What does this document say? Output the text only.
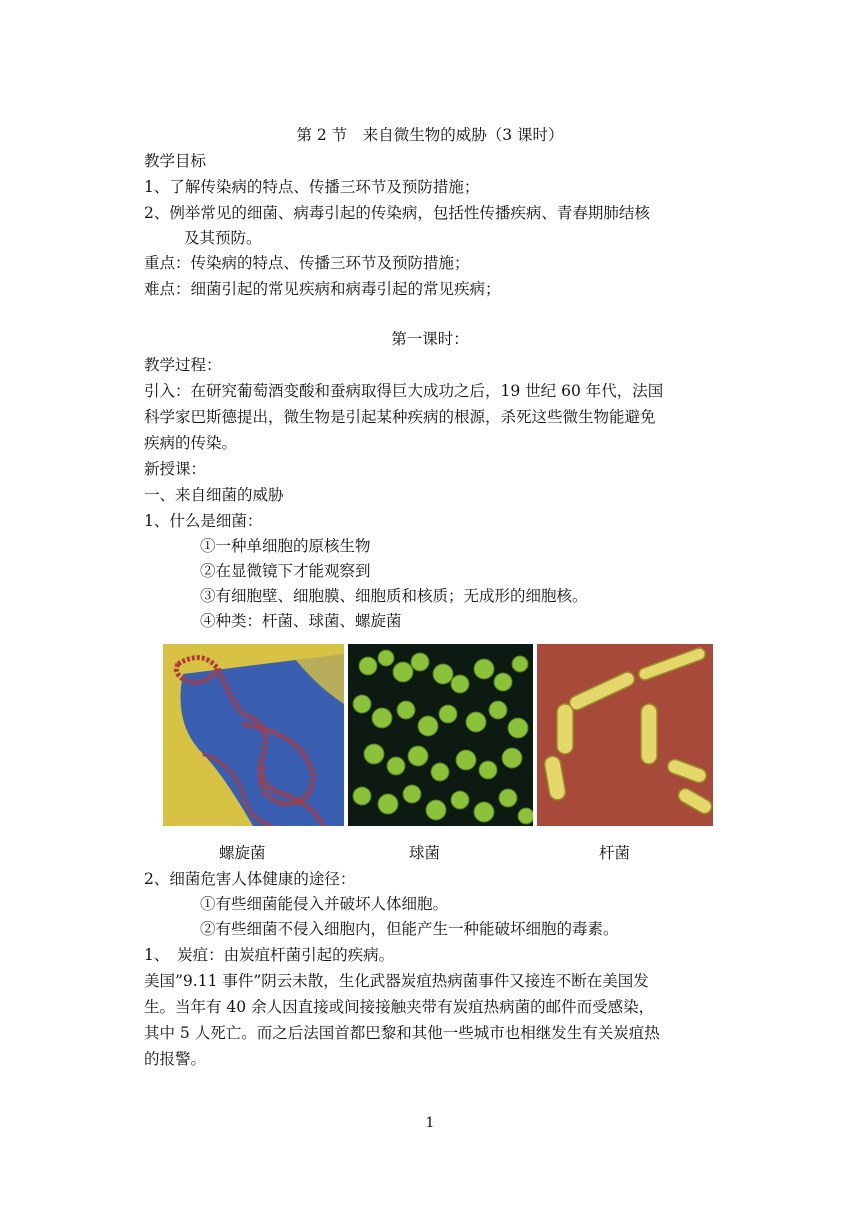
第 2 节　来自微生物的威胁（3 课时）
教学目标
1、了解传染病的特点、传播三环节及预防措施；
2、例举常见的细菌、病毒引起的传染病，包括性传播疾病、青春期肺结核
及其预防。
重点：传染病的特点、传播三环节及预防措施；
难点：细菌引起的常见疾病和病毒引起的常见疾病；
第一课时：
教学过程：
引入：在研究葡萄酒变酸和蚕病取得巨大成功之后，19 世纪 60 年代，法国
科学家巴斯德提出，微生物是引起某种疾病的根源，杀死这些微生物能避免
疾病的传染。
新授课：
一、来自细菌的威胁
1、什么是细菌：
①一种单细胞的原核生物
②在显微镜下才能观察到
③有细胞壁、细胞膜、细胞质和核质；无成形的细胞核。
④种类：杆菌、球菌、螺旋菌
螺旋菌	球菌	杆菌
2、细菌危害人体健康的途径：
①有些细菌能侵入并破坏人体细胞。
②有些细菌不侵入细胞内，但能产生一种能破坏细胞的毒素。
1、　炭疽：由炭疽杆菌引起的疾病。
美国”9.11 事件”阴云未散，生化武器炭疽热病菌事件又接连不断在美国发
生。当年有 40 余人因直接或间接接触夹带有炭疽热病菌的邮件而受感染，
其中 5 人死亡。而之后法国首都巴黎和其他一些城市也相继发生有关炭疽热
的报警。
1
